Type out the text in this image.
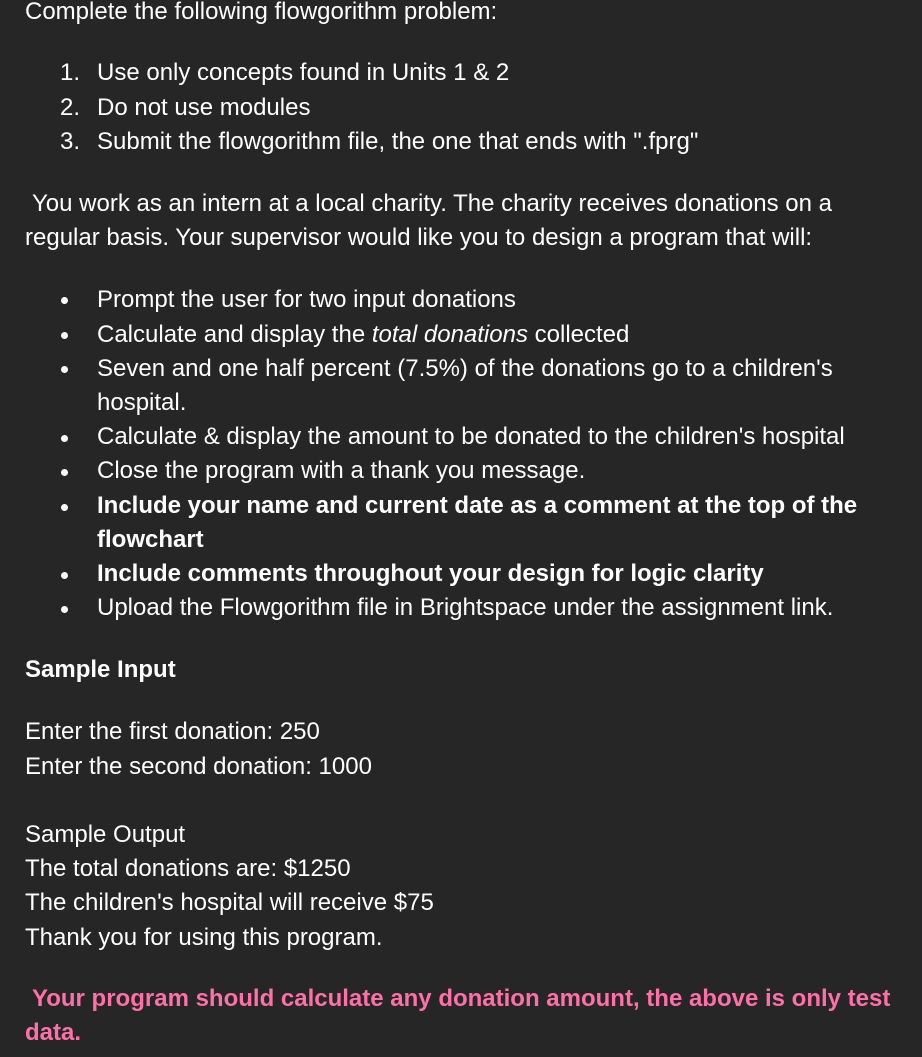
Complete the following flowgorithm problem:
1. Use only concepts found in Units 1 & 2
2. Do not use modules
3. Submit the flowgorithm file, the one that ends with ".fprg"
You work as an intern at a local charity. The charity receives donations on a
regular basis. Your supervisor would like you to design a program that will:
Prompt the user for two input donations
Calculate and display the total donations collected
Seven and one half percent (7.5%) of the donations go to a children's
hospital.
Calculate & display the amount to be donated to the children's hospital
Close the program with a thank you message.
Include your name and current date as a comment at the top of the
flowchart
Include comments throughout your design for logic clarity
Upload the Flowgorithm file in Brightspace under the assignment link.
Sample Input
Enter the first donation: 250
Enter the second donation: 1000
Sample Output
The total donations are: $1250
The children's hospital will receive $75
Thank you for using this program.
Your program should calculate any donation amount, the above is only test
data.
